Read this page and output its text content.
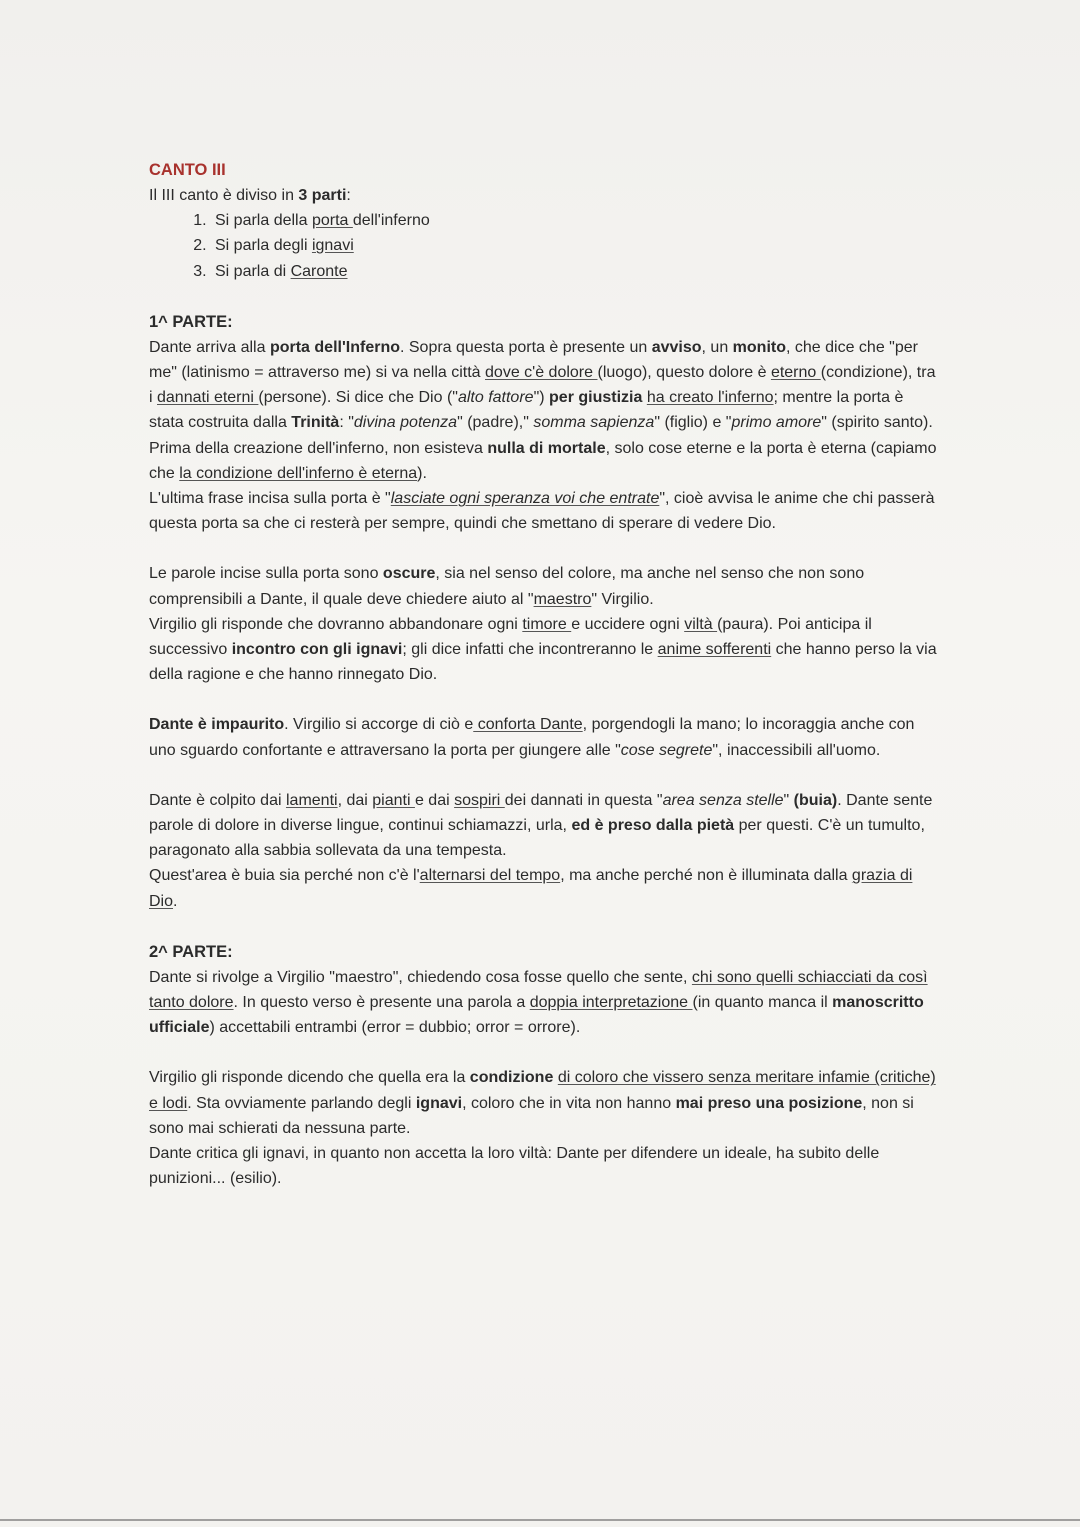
CANTO III

Il III canto è diviso in 3 parti:

1. Si parla della porta dell'inferno
2. Si parla degli ignavi
3. Si parla di Caronte

1^ PARTE:

Dante arriva alla porta dell'Inferno. Sopra questa porta è presente un avviso, un monito, che dice che "per me" (latinismo = attraverso me) si va nella città dove c'è dolore (luogo), questo dolore è eterno (condizione), tra i dannati eterni (persone). Si dice che Dio ("alto fattore") per giustizia ha creato l'inferno; mentre la porta è stata costruita dalla Trinità: "divina potenza" (padre)," somma sapienza" (figlio) e "primo amore" (spirito santo).
Prima della creazione dell'inferno, non esisteva nulla di mortale, solo cose eterne e la porta è eterna (capiamo che la condizione dell'inferno è eterna).
L'ultima frase incisa sulla porta è "lasciate ogni speranza voi che entrate", cioè avvisa le anime che chi passerà questa porta sa che ci resterà per sempre, quindi che smettano di sperare di vedere Dio.

Le parole incise sulla porta sono oscure, sia nel senso del colore, ma anche nel senso che non sono comprensibili a Dante, il quale deve chiedere aiuto al "maestro" Virgilio.
Virgilio gli risponde che dovranno abbandonare ogni timore e uccidere ogni viltà (paura). Poi anticipa il successivo incontro con gli ignavi; gli dice infatti che incontreranno le anime sofferenti che hanno perso la via della ragione e che hanno rinnegato Dio.

Dante è impaurito. Virgilio si accorge di ciò e conforta Dante, porgendogli la mano; lo incoraggia anche con uno sguardo confortante e attraversano la porta per giungere alle "cose segrete", inaccessibili all'uomo.

Dante è colpito dai lamenti, dai pianti e dai sospiri dei dannati in questa "area senza stelle" (buia). Dante sente parole di dolore in diverse lingue, continui schiamazzi, urla, ed è preso dalla pietà per questi. C'è un tumulto, paragonato alla sabbia sollevata da una tempesta.
Quest'area è buia sia perché non c'è l'alternarsi del tempo, ma anche perché non è illuminata dalla grazia di Dio.

2^ PARTE:

Dante si rivolge a Virgilio "maestro", chiedendo cosa fosse quello che sente, chi sono quelli schiacciati da così tanto dolore. In questo verso è presente una parola a doppia interpretazione (in quanto manca il manoscritto ufficiale) accettabili entrambi (error = dubbio; orror = orrore).

Virgilio gli risponde dicendo che quella era la condizione di coloro che vissero senza meritare infamie (critiche) e lodi. Sta ovviamente parlando degli ignavi, coloro che in vita non hanno mai preso una posizione, non si sono mai schierati da nessuna parte.
Dante critica gli ignavi, in quanto non accetta la loro viltà: Dante per difendere un ideale, ha subito delle punizioni... (esilio).
